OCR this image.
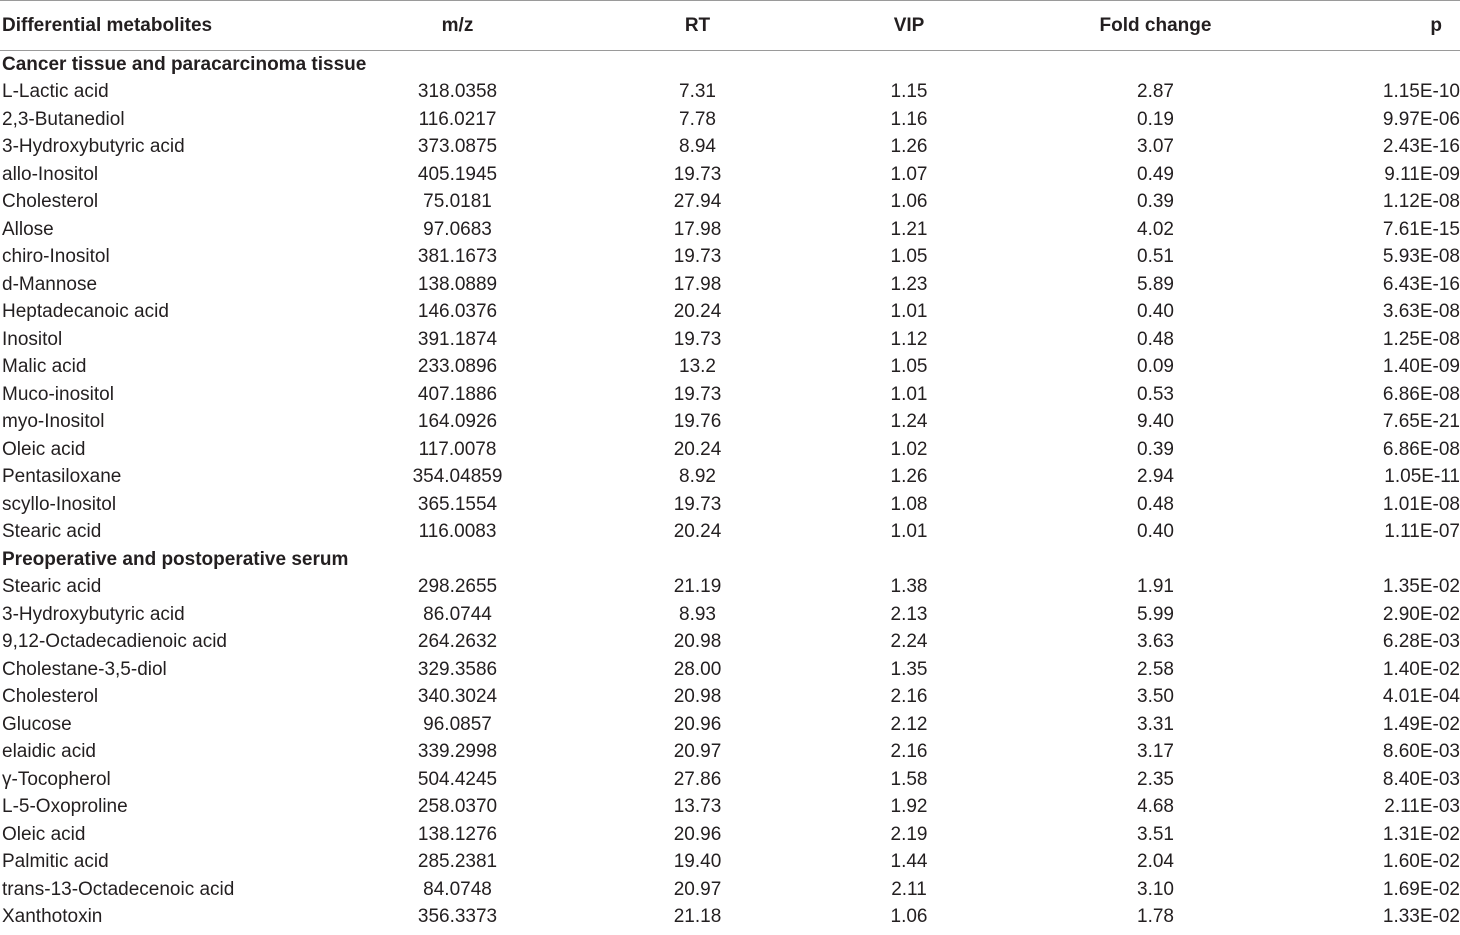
Differential metabolites	m/z	RT	VIP	Fold change	p
Cancer tissue and paracarcinoma tissue					
L-Lactic acid	318.0358	7.31	1.15	2.87	1.15E-10
2,3-Butanediol	116.0217	7.78	1.16	0.19	9.97E-06
3-Hydroxybutyric acid	373.0875	8.94	1.26	3.07	2.43E-16
allo-Inositol	405.1945	19.73	1.07	0.49	9.11E-09
Cholesterol	75.0181	27.94	1.06	0.39	1.12E-08
Allose	97.0683	17.98	1.21	4.02	7.61E-15
chiro-Inositol	381.1673	19.73	1.05	0.51	5.93E-08
d-Mannose	138.0889	17.98	1.23	5.89	6.43E-16
Heptadecanoic acid	146.0376	20.24	1.01	0.40	3.63E-08
Inositol	391.1874	19.73	1.12	0.48	1.25E-08
Malic acid	233.0896	13.2	1.05	0.09	1.40E-09
Muco-inositol	407.1886	19.73	1.01	0.53	6.86E-08
myo-Inositol	164.0926	19.76	1.24	9.40	7.65E-21
Oleic acid	117.0078	20.24	1.02	0.39	6.86E-08
Pentasiloxane	354.04859	8.92	1.26	2.94	1.05E-11
scyllo-Inositol	365.1554	19.73	1.08	0.48	1.01E-08
Stearic acid	116.0083	20.24	1.01	0.40	1.11E-07
Preoperative and postoperative serum					
Stearic acid	298.2655	21.19	1.38	1.91	1.35E-02
3-Hydroxybutyric acid	86.0744	8.93	2.13	5.99	2.90E-02
9,12-Octadecadienoic acid	264.2632	20.98	2.24	3.63	6.28E-03
Cholestane-3,5-diol	329.3586	28.00	1.35	2.58	1.40E-02
Cholesterol	340.3024	20.98	2.16	3.50	4.01E-04
Glucose	96.0857	20.96	2.12	3.31	1.49E-02
elaidic acid	339.2998	20.97	2.16	3.17	8.60E-03
γ-Tocopherol	504.4245	27.86	1.58	2.35	8.40E-03
L-5-Oxoproline	258.0370	13.73	1.92	4.68	2.11E-03
Oleic acid	138.1276	20.96	2.19	3.51	1.31E-02
Palmitic acid	285.2381	19.40	1.44	2.04	1.60E-02
trans-13-Octadecenoic acid	84.0748	20.97	2.11	3.10	1.69E-02
Xanthotoxin	356.3373	21.18	1.06	1.78	1.33E-02
